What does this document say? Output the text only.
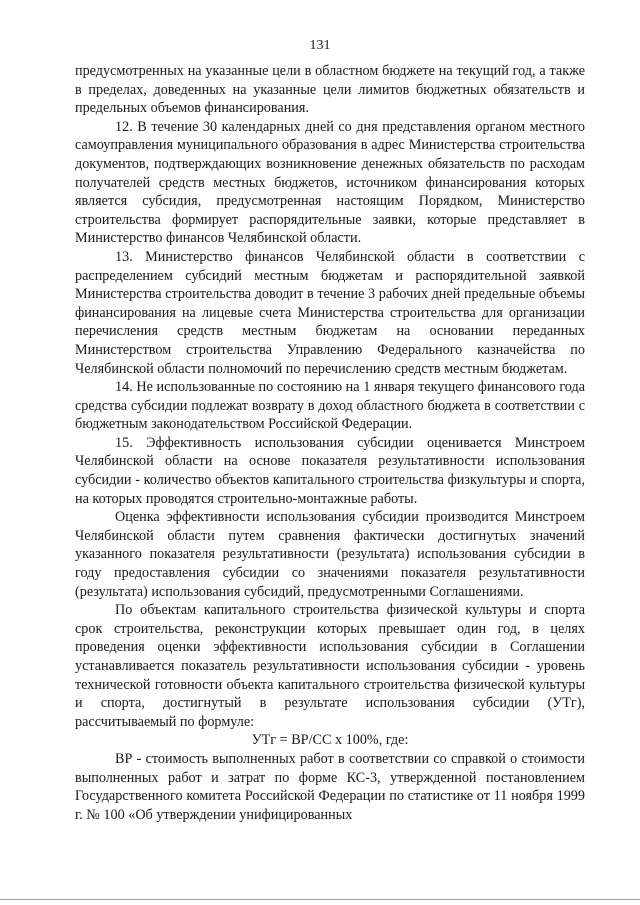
131

предусмотренных на указанные цели в областном бюджете на текущий год, а также в пределах, доведенных на указанные цели лимитов бюджетных обязательств и предельных объемов финансирования.

12. В течение 30 календарных дней со дня представления органом местного самоуправления муниципального образования в адрес Министерства строительства документов, подтверждающих возникновение денежных обязательств по расходам получателей средств местных бюджетов, источником финансирования которых является субсидия, предусмотренная настоящим Порядком, Министерство строительства формирует распорядительные заявки, которые представляет в Министерство финансов Челябинской области.

13. Министерство финансов Челябинской области в соответствии с распределением субсидий местным бюджетам и распорядительной заявкой Министерства строительства доводит в течение 3 рабочих дней предельные объемы финансирования на лицевые счета Министерства строительства для организации перечисления средств местным бюджетам на основании переданных Министерством строительства Управлению Федерального казначейства по Челябинской области полномочий по перечислению средств местным бюджетам.

14. Не использованные по состоянию на 1 января текущего финансового года средства субсидии подлежат возврату в доход областного бюджета в соответствии с бюджетным законодательством Российской Федерации.

15. Эффективность использования субсидии оценивается Минстроем Челябинской области на основе показателя результативности использования субсидии - количество объектов капитального строительства физкультуры и спорта, на которых проводятся строительно-монтажные работы.

Оценка эффективности использования субсидии производится Минстроем Челябинской области путем сравнения фактически достигнутых значений указанного показателя результативности (результата) использования субсидии в году предоставления субсидии со значениями показателя результативности (результата) использования субсидий, предусмотренными Соглашениями.

По объектам капитального строительства физической культуры и спорта срок строительства, реконструкции которых превышает один год, в целях проведения оценки эффективности использования субсидии в Соглашении устанавливается показатель результативности использования субсидии - уровень технической готовности объекта капитального строительства физической культуры и спорта, достигнутый в результате использования субсидии (УТг), рассчитываемый по формуле:

УТг = ВР/СС х 100%, где:

ВР - стоимость выполненных работ в соответствии со справкой о стоимости выполненных работ и затрат по форме КС-3, утвержденной постановлением Государственного комитета Российской Федерации по статистике от 11 ноября 1999 г. № 100 «Об утверждении унифицированных
